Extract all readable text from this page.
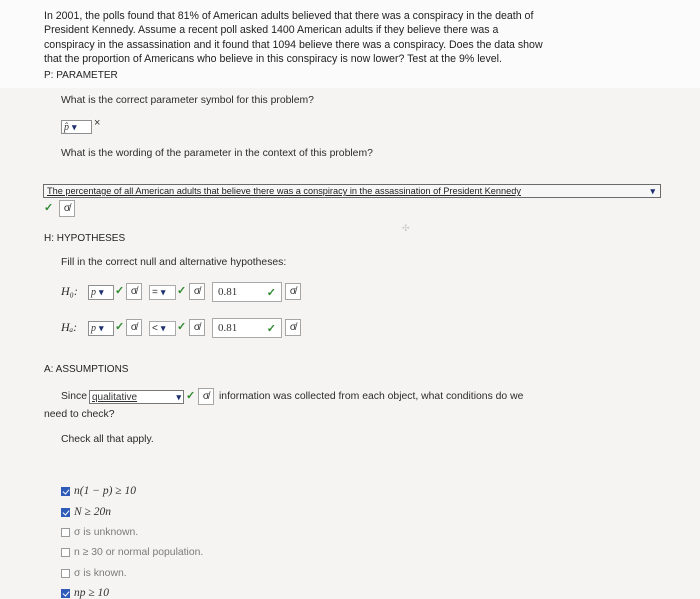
In 2001, the polls found that 81% of American adults believed that there was a conspiracy in the death of President Kennedy. Assume a recent poll asked 1400 American adults if they believe there was a conspiracy in the assassination and it found that 1094 believe there was a conspiracy. Does the data show that the proportion of Americans who believe in this conspiracy is now lower? Test at the 9% level.
P: PARAMETER
What is the correct parameter symbol for this problem?
p̂ ▾ ×
What is the wording of the parameter in the context of this problem?
The percentage of all American adults that believe there was a conspiracy in the assassination of President Kennedy	▾
✓	σ̸
✣
H: HYPOTHESES
Fill in the correct null and alternative hypotheses:
H₀: p ▾ ✓ σ̸	= ▾ ✓ σ̸	0.81	✓	σ̸
Hₐ: p ▾ ✓ σ̸	< ▾ ✓ σ̸	0.81	✓	σ̸
A: ASSUMPTIONS
Since qualitative	▾ ✓ σ̸ information was collected from each object, what conditions do we
need to check?
Check all that apply.
n(1 − p) ≥ 10
N ≥ 20n
σ is unknown.
n ≥ 30 or normal population.
σ is known.
np ≥ 10
